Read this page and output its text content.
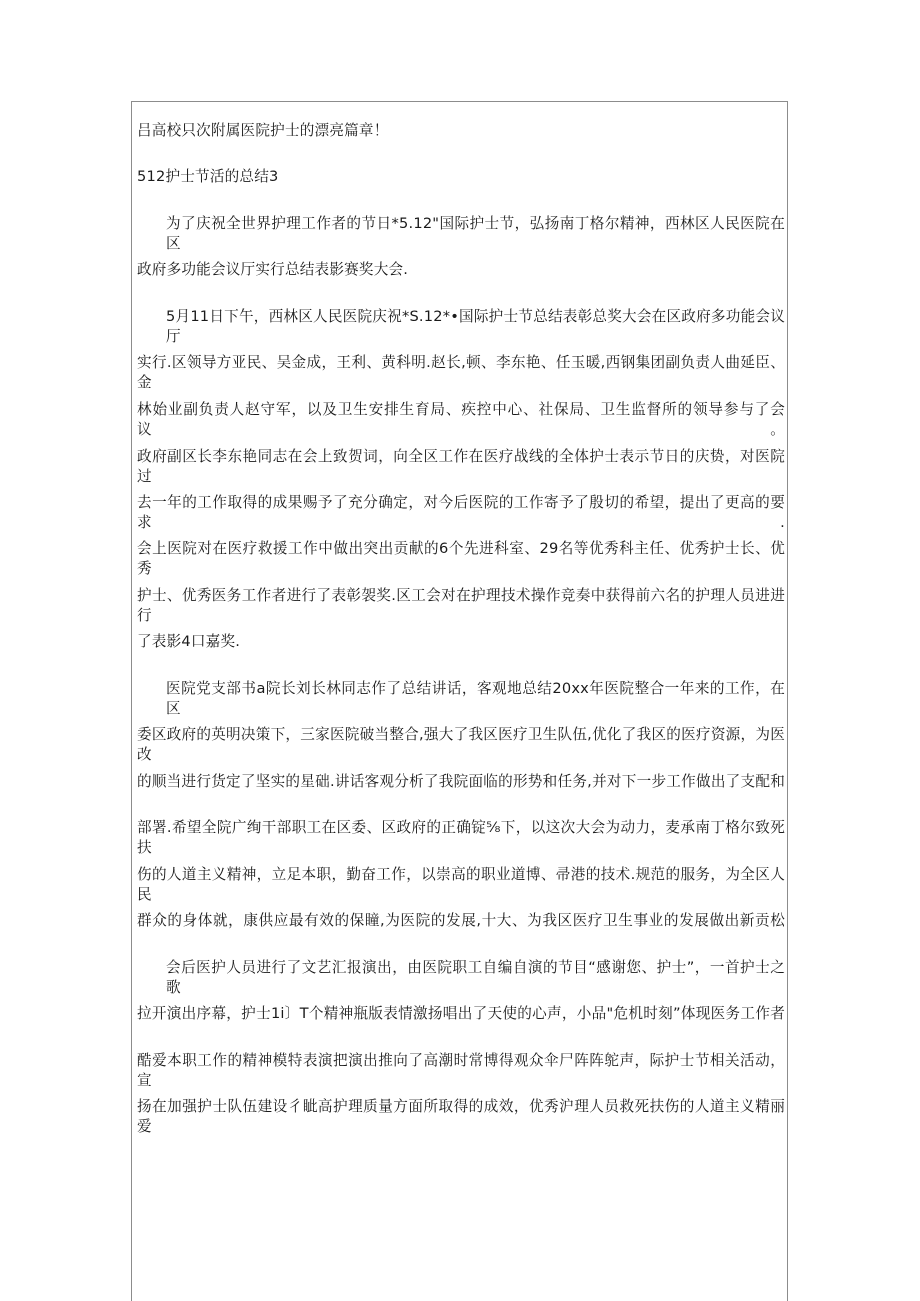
吕高校只次附属医院护士的漂亮篇章！
512护士节活的总结3
为了庆祝全世界护理工作者的节日*5.12"国际护士节，弘扬南丁格尔精神，西林区人民医院在区
政府多功能会议厅实行总结表影赛奖大会.
5月11日下午，西林区人民医院庆祝*S.12*•国际护士节总结表彰总奖大会在区政府多功能会议厅
实行.区领导方亚民、吴金成，王利、黄科明.赵长,顿、李东艳、任玉暖,西钢集团副负责人曲延臣、金
林始业副负责人赵守军，以及卫生安排生育局、疾控中心、社保局、卫生监督所的领导参与了会议。
政府副区长李东艳同志在会上致贺词，向全区工作在医疗战线的全体护士表示节日的庆贽，对医院过
去一年的工作取得的成果赐予了充分确定，对今后医院的工作寄予了殷切的希望，提出了更高的要求.
会上医院对在医疗救援工作中做出突出贡献的6个先进科室、29名等优秀科主任、优秀护士长、优秀
护士、优秀医务工作者进行了表彰袈奖.区工会对在护理技术操作竞奏中获得前六名的护理人员进进行
了表影4口嘉奖.
医院党支部书a院长刘长林同志作了总结讲话，客观地总结20xx年医院整合一年来的工作，在区
委区政府的英明决策下，三家医院破当整合,强大了我区医疗卫生队伍,优化了我区的医疗资源，为医改
的顺当进行货定了坚实的星础.讲话客观分析了我院面临的形势和任务,并对下一步工作做出了支配和
部署.希望全院广绚干部职工在区委、区政府的正确锭⅝下，以这次大会为动力，麦承南丁格尔致死扶
伤的人道主义精神，立足本职，勤奋工作，以崇高的职业道博、帚港的技术.规范的服务，为全区人民
群众的身体就，康供应最有效的保瞳,为医院的发展,十大、为我区医疗卫生事业的发展做出新贡松
会后医护人员进行了文艺汇报演出，由医院职工自编自演的节目“感谢您、护士”，一首护士之歌
拉开演出序幕，护士1i〕T个精神瓶版表情激扬唱出了天使的心声，小品"危机时刻”体现医务工作者
酷爱本职工作的精神模特表演把演出推向了高潮时常博得观众伞尸阵阵鸵声，际护士节相关活动，宣
扬在加强护士队伍建设彳眦高护理质量方面所取得的成效，优秀沪理人员救死扶伤的人道主义精丽爱
